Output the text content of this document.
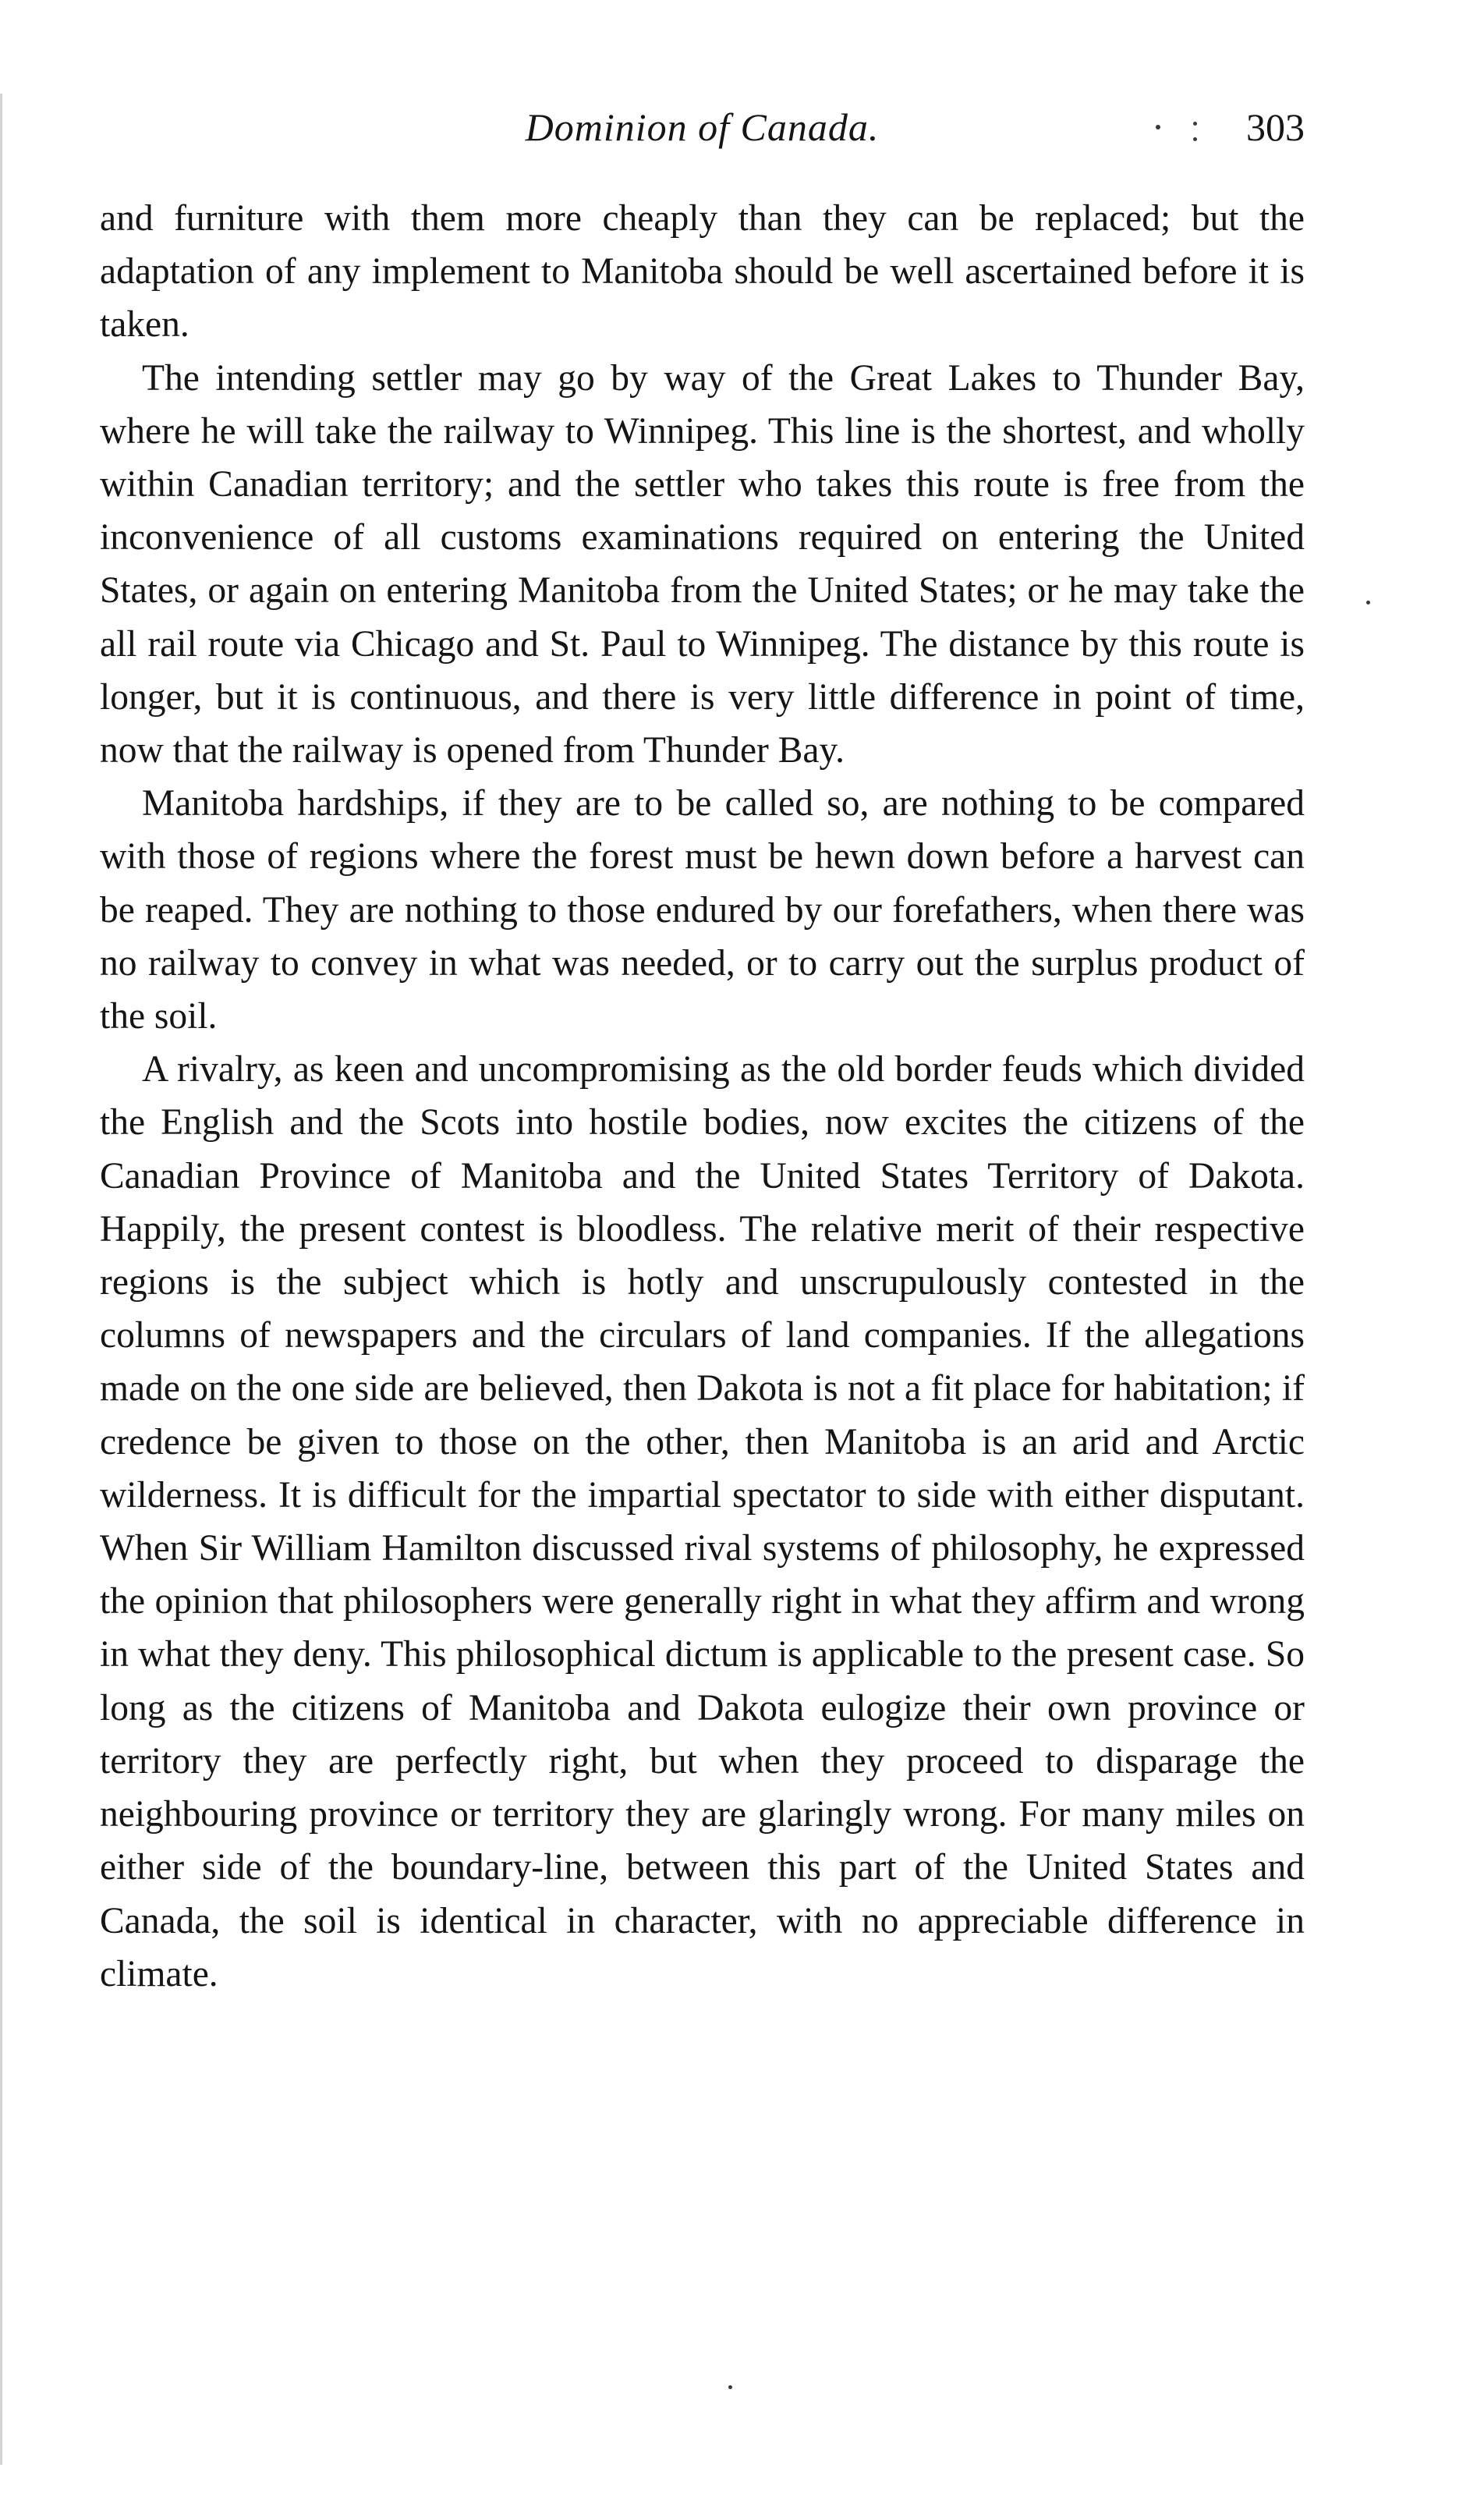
Dominion of Canada.	303

and furniture with them more cheaply than they can be replaced; but the adaptation of any implement to Manitoba should be well ascertained before it is taken.

The intending settler may go by way of the Great Lakes to Thunder Bay, where he will take the railway to Winnipeg. This line is the shortest, and wholly within Canadian territory; and the settler who takes this route is free from the inconvenience of all customs examinations required on entering the United States, or again on entering Manitoba from the United States; or he may take the all rail route via Chicago and St. Paul to Winnipeg. The distance by this route is longer, but it is continuous, and there is very little difference in point of time, now that the railway is opened from Thunder Bay.

Manitoba hardships, if they are to be called so, are nothing to be compared with those of regions where the forest must be hewn down before a harvest can be reaped. They are nothing to those endured by our forefathers, when there was no railway to convey in what was needed, or to carry out the surplus product of the soil.

A rivalry, as keen and uncompromising as the old border feuds which divided the English and the Scots into hostile bodies, now excites the citizens of the Canadian Province of Manitoba and the United States Territory of Dakota. Happily, the present contest is bloodless. The relative merit of their respective regions is the subject which is hotly and unscrupulously contested in the columns of newspapers and the circulars of land companies. If the allegations made on the one side are believed, then Dakota is not a fit place for habitation; if credence be given to those on the other, then Manitoba is an arid and Arctic wilderness. It is difficult for the impartial spectator to side with either disputant. When Sir William Hamilton discussed rival systems of philosophy, he expressed the opinion that philosophers were generally right in what they affirm and wrong in what they deny. This philosophical dictum is applicable to the present case. So long as the citizens of Manitoba and Dakota eulogize their own province or territory they are perfectly right, but when they proceed to disparage the neighbouring province or territory they are glaringly wrong. For many miles on either side of the boundary-line, between this part of the United States and Canada, the soil is identical in character, with no appreciable difference in climate.
